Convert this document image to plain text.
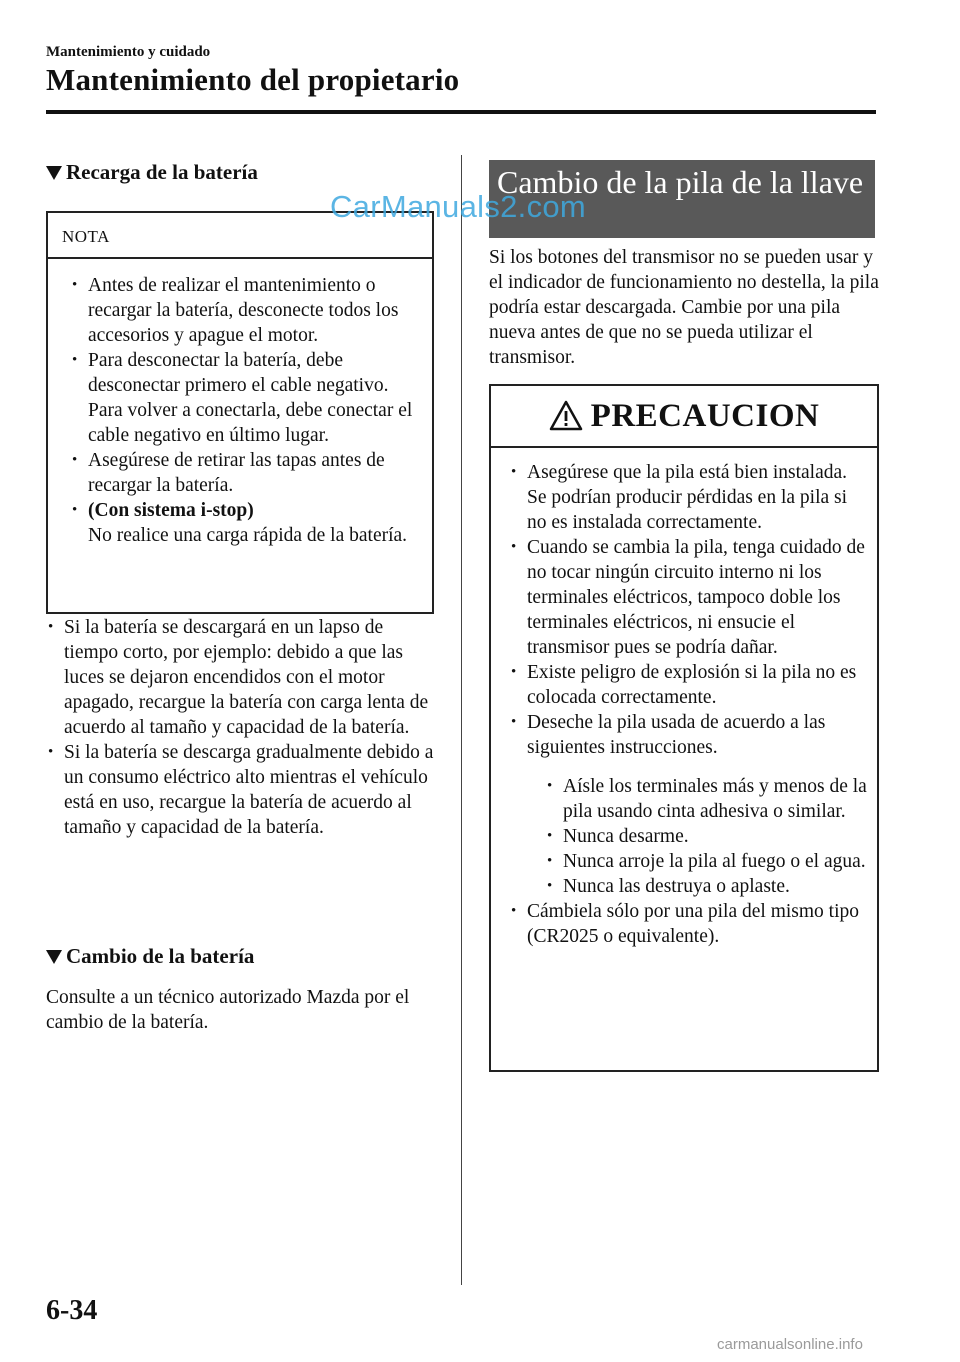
Mantenimiento y cuidado
Mantenimiento del propietario
Recarga de la batería
NOTA
• Antes de realizar el mantenimiento o recargar la batería, desconecte todos los accesorios y apague el motor.
• Para desconectar la batería, debe desconectar primero el cable negativo. Para volver a conectarla, debe conectar el cable negativo en último lugar.
• Asegúrese de retirar las tapas antes de recargar la batería.
• (Con sistema i-stop)
No realice una carga rápida de la batería.
• Si la batería se descargará en un lapso de tiempo corto, por ejemplo: debido a que las luces se dejaron encendidos con el motor apagado, recargue la batería con carga lenta de acuerdo al tamaño y capacidad de la batería.
• Si la batería se descarga gradualmente debido a un consumo eléctrico alto mientras el vehículo está en uso, recargue la batería de acuerdo al tamaño y capacidad de la batería.
Cambio de la batería
Consulte a un técnico autorizado Mazda por el cambio de la batería.
Cambio de la pila de la llave
Si los botones del transmisor no se pueden usar y el indicador de funcionamiento no destella, la pila podría estar descargada. Cambie por una pila nueva antes de que no se pueda utilizar el transmisor.
PRECAUCION
• Asegúrese que la pila está bien instalada. Se podrían producir pérdidas en la pila si no es instalada correctamente.
• Cuando se cambia la pila, tenga cuidado de no tocar ningún circuito interno ni los terminales eléctricos, tampoco doble los terminales eléctricos, ni ensucie el transmisor pues se podría dañar.
• Existe peligro de explosión si la pila no es colocada correctamente.
• Deseche la pila usada de acuerdo a las siguientes instrucciones.
• Aísle los terminales más y menos de la pila usando cinta adhesiva o similar.
• Nunca desarme.
• Nunca arroje la pila al fuego o el agua.
• Nunca las destruya o aplaste.
• Cámbiela sólo por una pila del mismo tipo (CR2025 o equivalente).
6-34
carmanualsonline.info
CarManuals2.com
